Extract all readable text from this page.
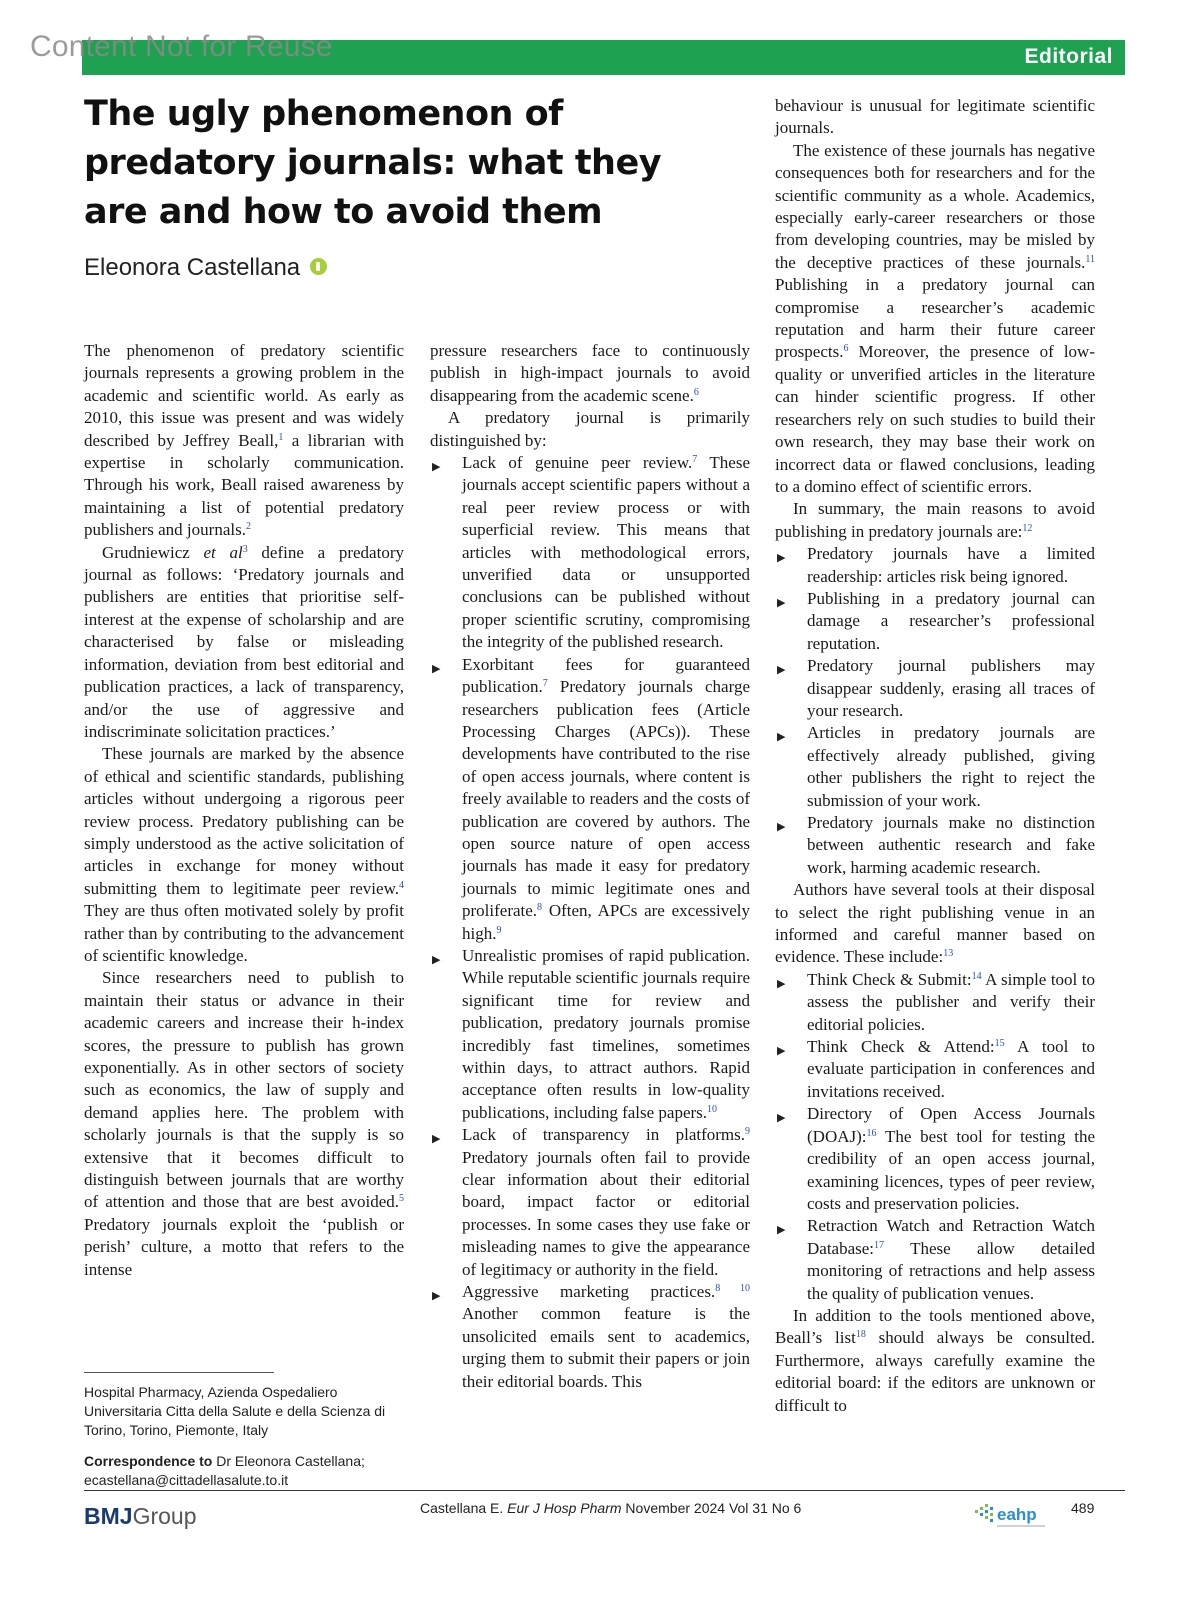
Content Not for Reuse	Editorial
The ugly phenomenon of predatory journals: what they are and how to avoid them
Eleonora Castellana

The phenomenon of predatory scientific journals represents a growing problem in the academic and scientific world. As early as 2010, this issue was present and was widely described by Jeffrey Beall,$^1$ a librarian with expertise in scholarly communication. Through his work, Beall raised awareness by maintaining a list of potential predatory publishers and journals.$^2$

Grudniewicz et $al^3$ define a predatory journal as follows: ‘Predatory journals and publishers are entities that prioritise self-interest at the expense of scholarship and are characterised by false or misleading information, deviation from best editorial and publication practices, a lack of transparency, and/or the use of aggressive and indiscriminate solicitation practices.’

These journals are marked by the absence of ethical and scientific standards, publishing articles without undergoing a rigorous peer review process. Predatory publishing can be simply understood as the active solicitation of articles in exchange for money without submitting them to legitimate peer review.$^4$ They are thus often motivated solely by profit rather than by contributing to the advancement of scientific knowledge.

Since researchers need to publish to maintain their status or advance in their academic careers and increase their h-index scores, the pressure to publish has grown exponentially. As in other sectors of society such as economics, the law of supply and demand applies here. The problem with scholarly journals is that the supply is so extensive that it becomes difficult to distinguish between journals that are worthy of attention and those that are best avoided.$^5$ Predatory journals exploit the ‘publish or perish’ culture, a motto that refers to the intense

pressure researchers face to continuously publish in high-impact journals to avoid disappearing from the academic scene.$^6$

A predatory journal is primarily distinguished by:

▶ Lack of genuine peer review.$^7$ These journals accept scientific papers without a real peer review process or with superficial review. This means that articles with methodological errors, unverified data or unsupported conclusions can be published without proper scientific scrutiny, compromising the integrity of the published research.
▶ Exorbitant fees for guaranteed publication.$^7$ Predatory journals charge researchers publication fees (Article Processing Charges (APCs)). These developments have contributed to the rise of open access journals, where content is freely available to readers and the costs of publication are covered by authors. The open source nature of open access journals has made it easy for predatory journals to mimic legitimate ones and proliferate.$^8$ Often, APCs are excessively high.$^9$
▶ Unrealistic promises of rapid publication. While reputable scientific journals require significant time for review and publication, predatory journals promise incredibly fast timelines, sometimes within days, to attract authors. Rapid acceptance often results in low-quality publications, including false papers.$^{10}$
▶ Lack of transparency in platforms.$^9$ Predatory journals often fail to provide clear information about their editorial board, impact factor or editorial processes. In some cases they use fake or misleading names to give the appearance of legitimacy or authority in the field.
▶ Aggressive marketing practices.$^{8 10}$ Another common feature is the unsolicited emails sent to academics, urging them to submit their papers or join their editorial boards. This

behaviour is unusual for legitimate scientific journals.

The existence of these journals has negative consequences both for researchers and for the scientific community as a whole. Academics, especially early-career researchers or those from developing countries, may be misled by the deceptive practices of these journals.$^{11}$ Publishing in a predatory journal can compromise a researcher’s academic reputation and harm their future career prospects.$^6$ Moreover, the presence of low-quality or unverified articles in the literature can hinder scientific progress. If other researchers rely on such studies to build their own research, they may base their work on incorrect data or flawed conclusions, leading to a domino effect of scientific errors.

In summary, the main reasons to avoid publishing in predatory journals are:$^{12}$

▶ Predatory journals have a limited readership: articles risk being ignored.
▶ Publishing in a predatory journal can damage a researcher’s professional reputation.
▶ Predatory journal publishers may disappear suddenly, erasing all traces of your research.
▶ Articles in predatory journals are effectively already published, giving other publishers the right to reject the submission of your work.
▶ Predatory journals make no distinction between authentic research and fake work, harming academic research.

Authors have several tools at their disposal to select the right publishing venue in an informed and careful manner based on evidence. These include:$^{13}$

▶ Think Check & Submit:$^{14}$ A simple tool to assess the publisher and verify their editorial policies.
▶ Think Check & Attend:$^{15}$ A tool to evaluate participation in conferences and invitations received.
▶ Directory of Open Access Journals (DOAJ):$^{16}$ The best tool for testing the credibility of an open access journal, examining licences, types of peer review, costs and preservation policies.
▶ Retraction Watch and Retraction Watch Database:$^{17}$ These allow detailed monitoring of retractions and help assess the quality of publication venues.

In addition to the tools mentioned above, Beall’s list$^{18}$ should always be consulted. Furthermore, always carefully examine the editorial board: if the editors are unknown or difficult to

Hospital Pharmacy, Azienda Ospedaliero Universitaria Citta della Salute e della Scienza di Torino, Torino, Piemonte, Italy

Correspondence to Dr Eleonora Castellana; ecastellana@cittadellasalute.to.it

BMJGroup	Castellana E. Eur J Hosp Pharm November 2024 Vol 31 No 6	eahp 489
